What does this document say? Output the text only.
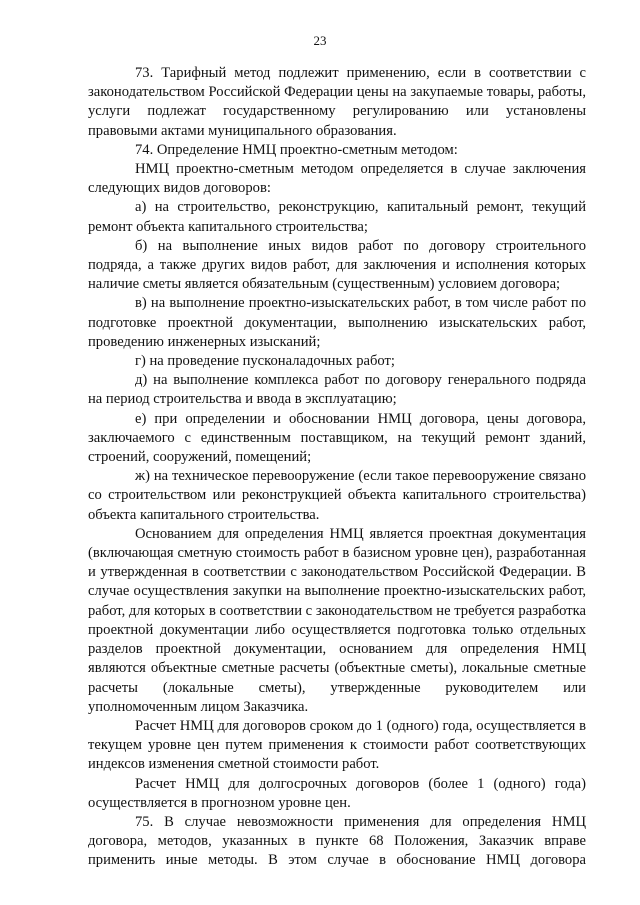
23

73. Тарифный метод подлежит применению, если в соответствии с законодательством Российской Федерации цены на закупаемые товары, работы, услуги подлежат государственному регулированию или установлены правовыми актами муниципального образования.

74. Определение НМЦ проектно-сметным методом:

НМЦ проектно-сметным методом определяется в случае заключения следующих видов договоров:

а) на строительство, реконструкцию, капитальный ремонт, текущий ремонт объекта капитального строительства;

б) на выполнение иных видов работ по договору строительного подряда, а также других видов работ, для заключения и исполнения которых наличие сметы является обязательным (существенным) условием договора;

в) на выполнение проектно-изыскательских работ, в том числе работ по подготовке проектной документации, выполнению изыскательских работ, проведению инженерных изысканий;

г) на проведение пусконаладочных работ;

д) на выполнение комплекса работ по договору генерального подряда на период строительства и ввода в эксплуатацию;

е) при определении и обосновании НМЦ договора, цены договора, заключаемого с единственным поставщиком, на текущий ремонт зданий, строений, сооружений, помещений;

ж) на техническое перевооружение (если такое перевооружение связано со строительством или реконструкцией объекта капитального строительства) объекта капитального строительства.

Основанием для определения НМЦ является проектная документация (включающая сметную стоимость работ в базисном уровне цен), разработанная и утвержденная в соответствии с законодательством Российской Федерации. В случае осуществления закупки на выполнение проектно-изыскательских работ, работ, для которых в соответствии с законодательством не требуется разработка проектной документации либо осуществляется подготовка только отдельных разделов проектной документации, основанием для определения НМЦ являются объектные сметные расчеты (объектные сметы), локальные сметные расчеты (локальные сметы), утвержденные руководителем или уполномоченным лицом Заказчика.

Расчет НМЦ для договоров сроком до 1 (одного) года, осуществляется в текущем уровне цен путем применения к стоимости работ соответствующих индексов изменения сметной стоимости работ.

Расчет НМЦ для долгосрочных договоров (более 1 (одного) года) осуществляется в прогнозном уровне цен.

75. В случае невозможности применения для определения НМЦ договора, методов, указанных в пункте 68 Положения, Заказчик вправе применить иные методы. В этом случае в обоснование НМЦ договора
